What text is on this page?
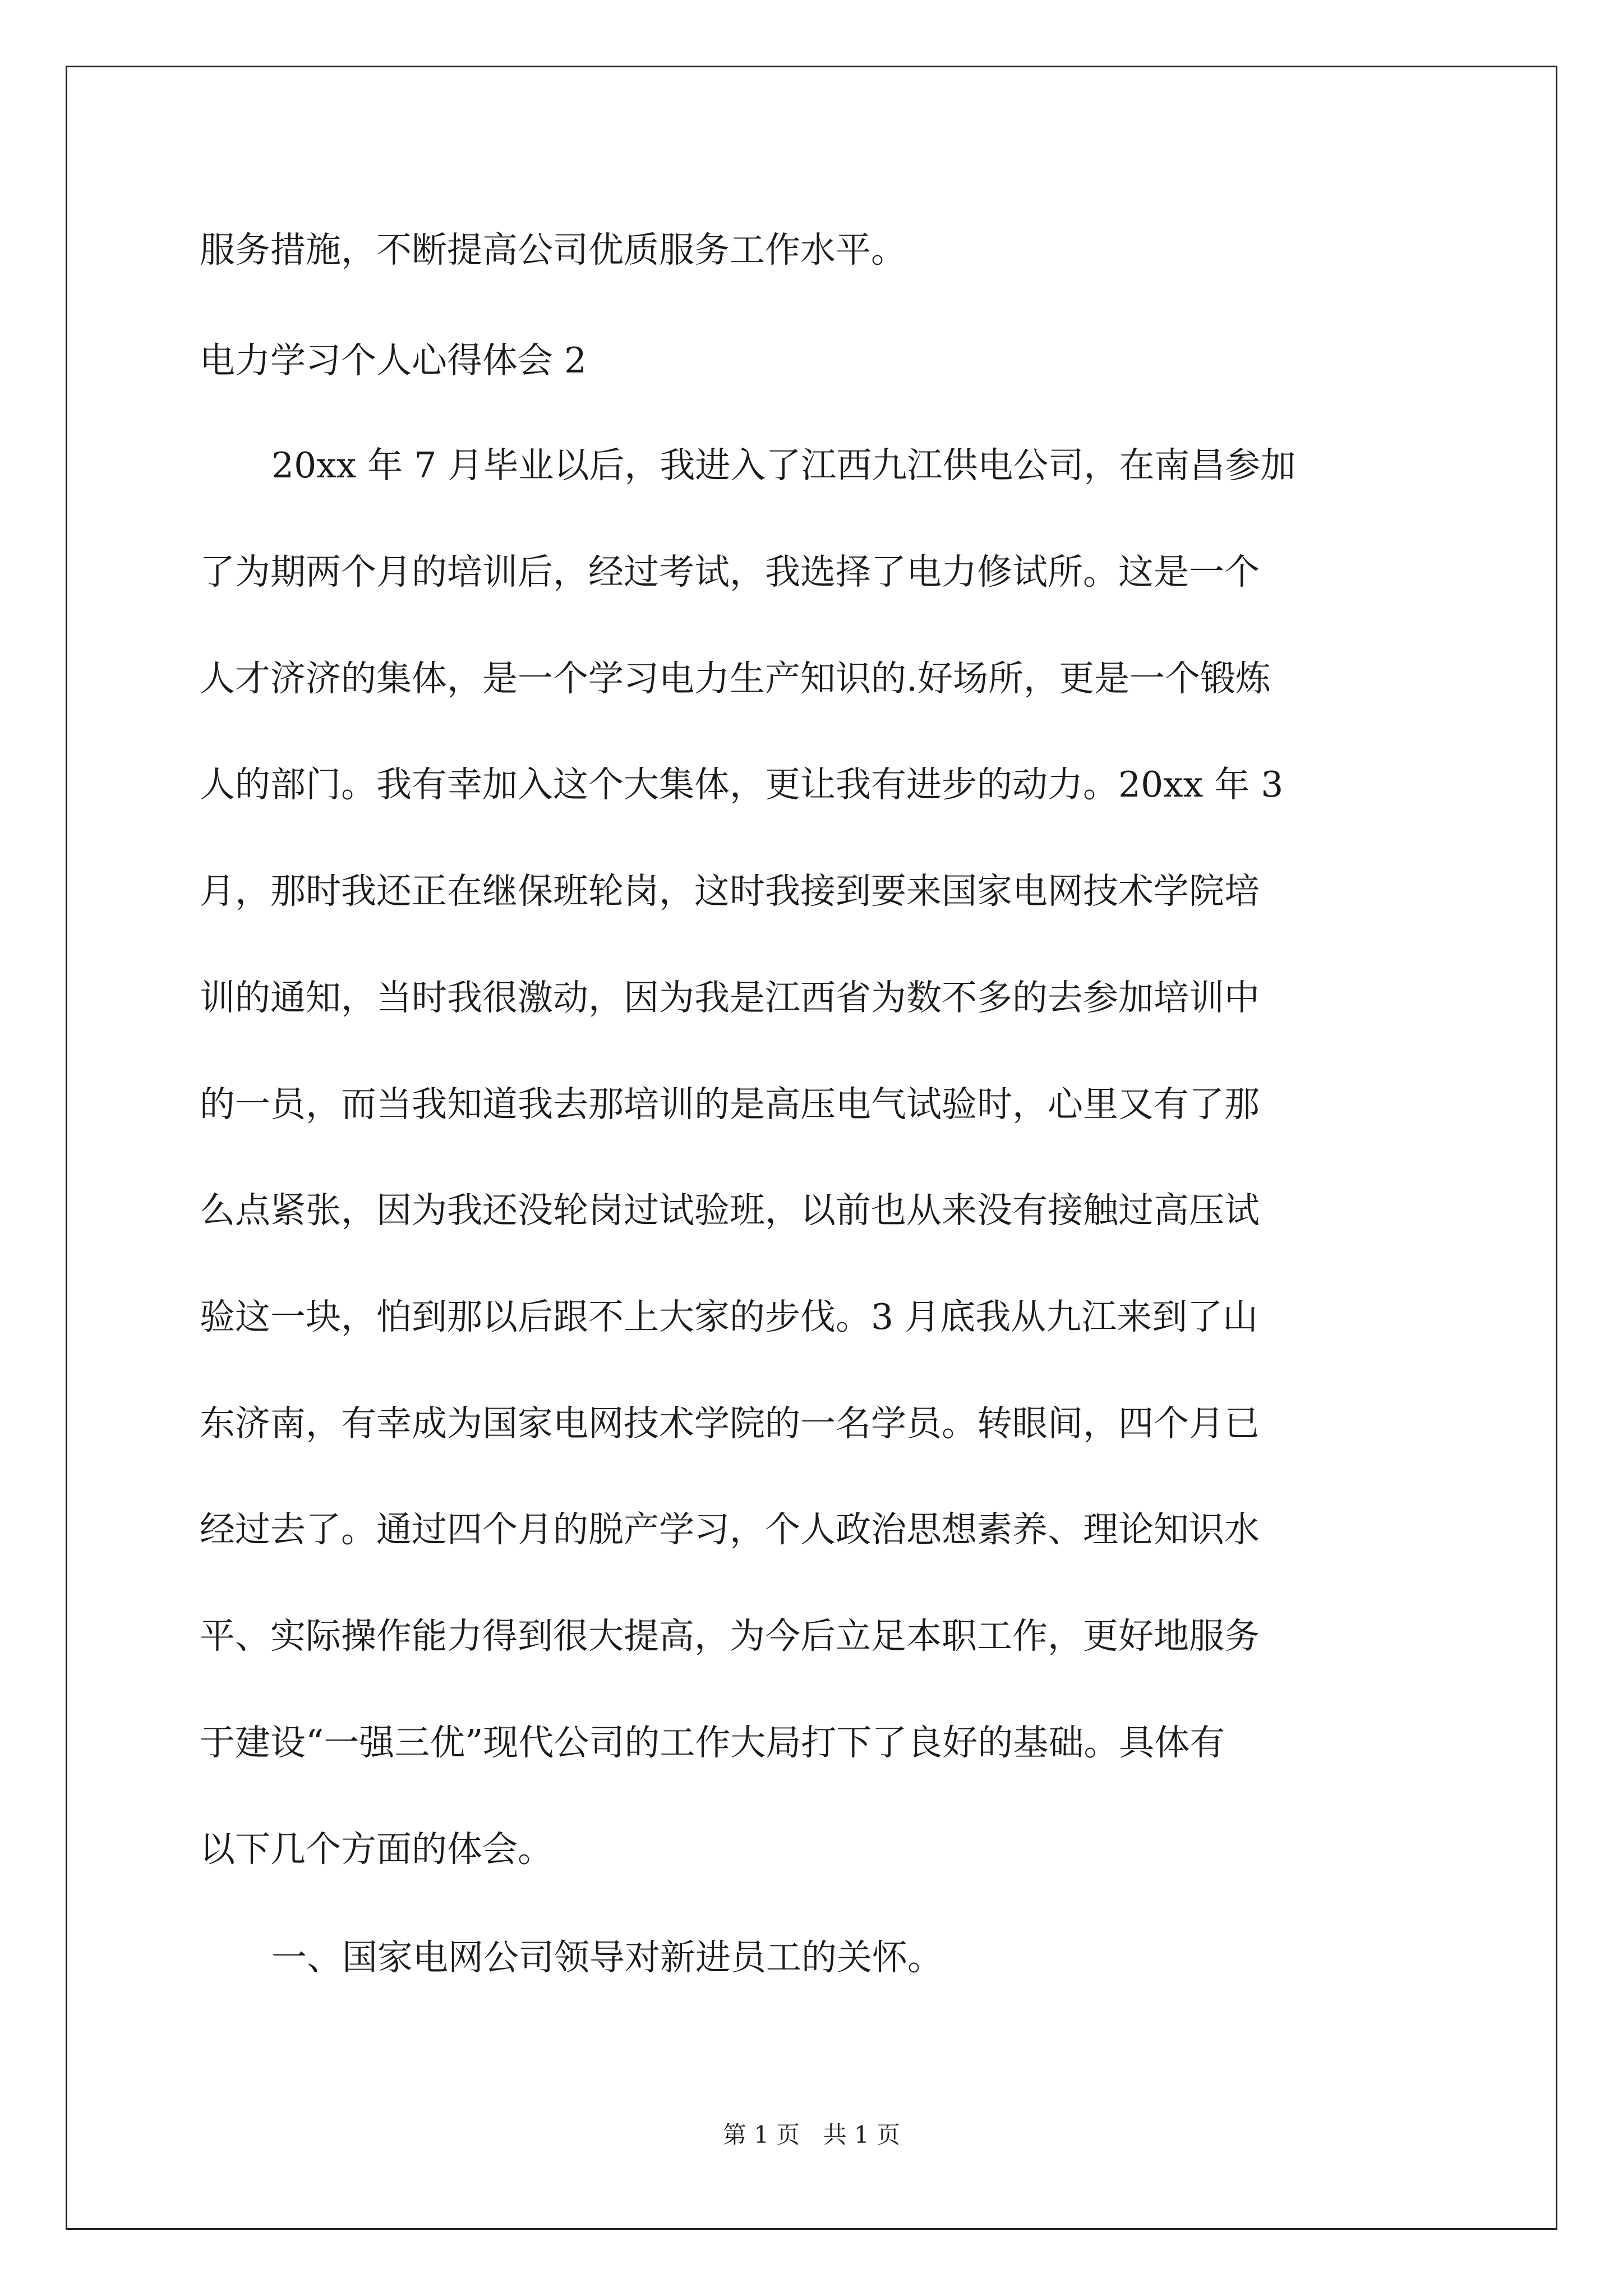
服务措施，不断提高公司优质服务工作水平。
电力学习个人心得体会 2
20xx 年 7 月毕业以后，我进入了江西九江供电公司，在南昌参加
了为期两个月的培训后，经过考试，我选择了电力修试所。这是一个
人才济济的集体，是一个学习电力生产知识的.好场所，更是一个锻炼
人的部门。我有幸加入这个大集体，更让我有进步的动力。20xx 年 3
月，那时我还正在继保班轮岗，这时我接到要来国家电网技术学院培
训的通知，当时我很激动，因为我是江西省为数不多的去参加培训中
的一员，而当我知道我去那培训的是高压电气试验时，心里又有了那
么点紧张，因为我还没轮岗过试验班，以前也从来没有接触过高压试
验这一块，怕到那以后跟不上大家的步伐。3 月底我从九江来到了山
东济南，有幸成为国家电网技术学院的一名学员。转眼间，四个月已
经过去了。通过四个月的脱产学习，个人政治思想素养、理论知识水
平、实际操作能力得到很大提高，为今后立足本职工作，更好地服务
于建设“一强三优”现代公司的工作大局打下了良好的基础。具体有
以下几个方面的体会。
一、国家电网公司领导对新进员工的关怀。
第 1 页 共 1 页
